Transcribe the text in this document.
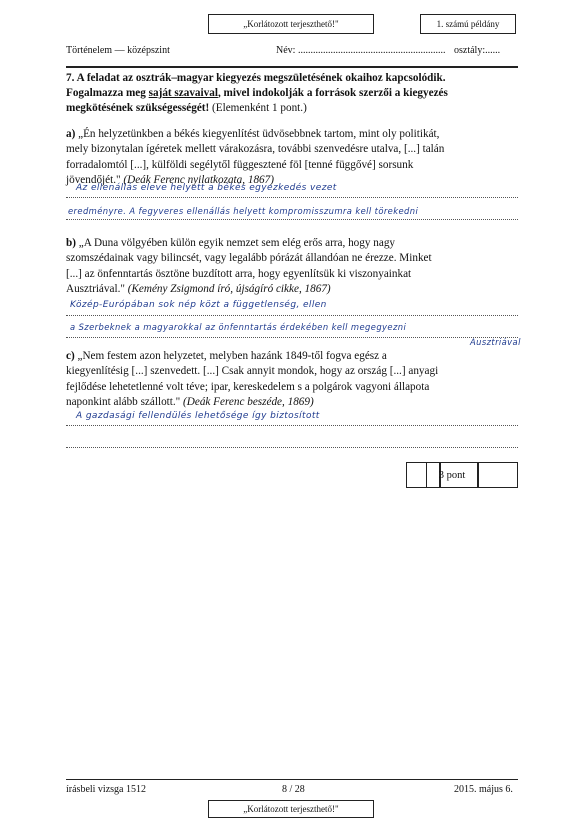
„Korlátozott terjeszthető!"	1. számú példány
Történelem — középszint	Név: ........................................................... osztály:......
7. A feladat az osztrák–magyar kiegyezés megszületésének okaihoz kapcsolódik.
Fogalmazza meg saját szavaival, mivel indokolják a források szerzői a kiegyezés
megkötésének szükségességét! (Elemenként 1 pont.)
a) „Én helyzetünkben a békés kiegyenlítést üdvösebbnek tartom, mint oly politikát,
mely bizonytalan ígéretek mellett várakozásra, további szenvedésre utalva, [...] talán
forradalomtól [...], külföldi segélytől függesztené föl [tenné függővé] sorsunk
jövendőjét." (Deák Ferenc nyilatkozata, 1867)
Az ellenállás eleve helyett a békés egyezkedés vezet
eredményre. A fegyveres ellenállás helyett kompromisszumra kell törekedni
b) „A Duna völgyében külön egyik nemzet sem elég erős arra, hogy nagy
szomszédainak vagy bilincsét, vagy legalább pórázát állandóan ne érezze. Minket
[...] az önfenntartás ösztöne buzdított arra, hogy egyenlítsük ki viszonyainkat
Ausztriával." (Kemény Zsigmond író, újságíró cikke, 1867)
Közép-Európában sok nép közt a függetlenség, ellen
a Szerbeknek a magyarokkal az önfenntartás érdekében kell megegyezni
Ausztriával
c) „Nem festem azon helyzetet, melyben hazánk 1849-től fogva egész a
kiegyenlítésig [...] szenvedett. [...] Csak annyit mondok, hogy az ország [...] anyagi
fejlődése lehetetlenné volt téve; ipar, kereskedelem s a polgárok vagyoni állapota
naponkint alább szállott." (Deák Ferenc beszéde, 1869)
A gazdasági fellendülés lehetősége így biztosított
3 pont
írásbeli vizsga 1512	8 / 28	2015. május 6.
„Korlátozott terjeszthető!"
